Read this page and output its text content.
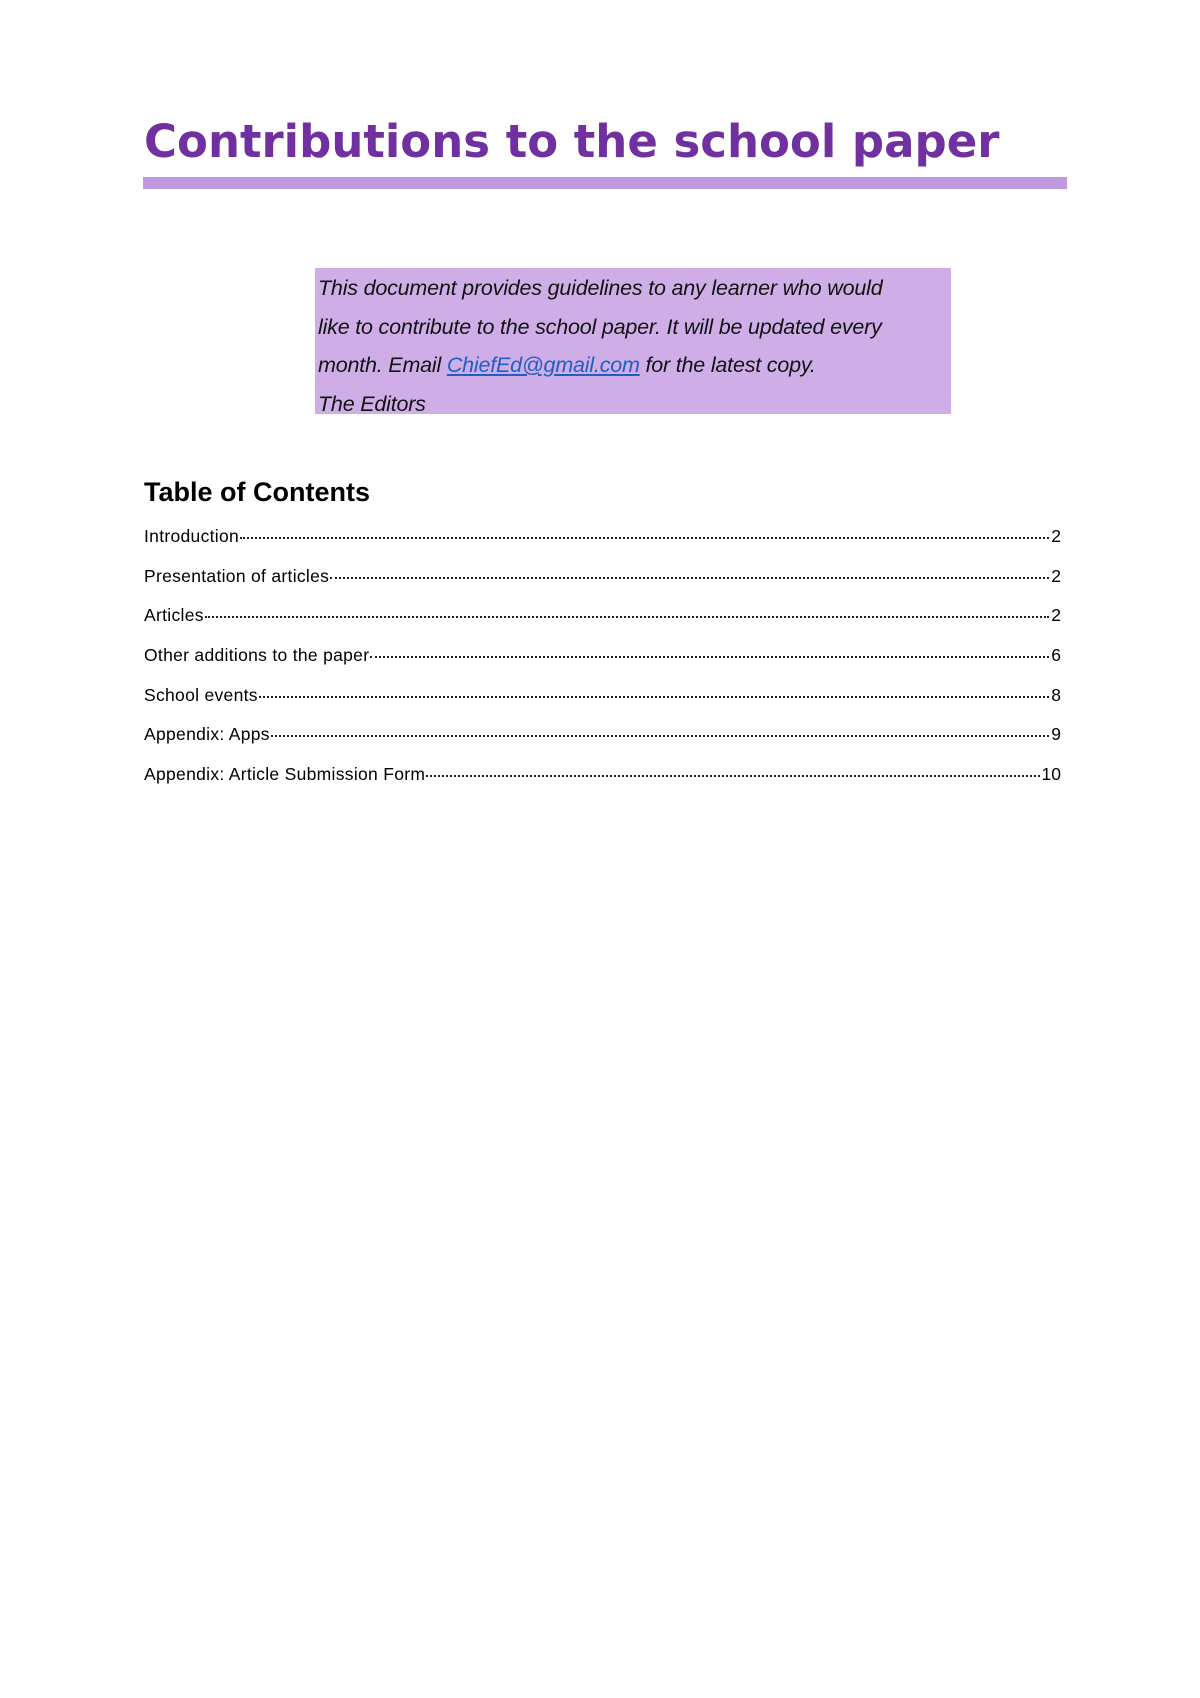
Contributions to the school paper
This document provides guidelines to any learner who would
like to contribute to the school paper. It will be updated every
month. Email ChiefEd@gmail.com for the latest copy.
The Editors
Table of Contents
Introduction	2
Presentation of articles	2
Articles	2
Other additions to the paper	6
School events	8
Appendix: Apps	9
Appendix: Article Submission Form	10
